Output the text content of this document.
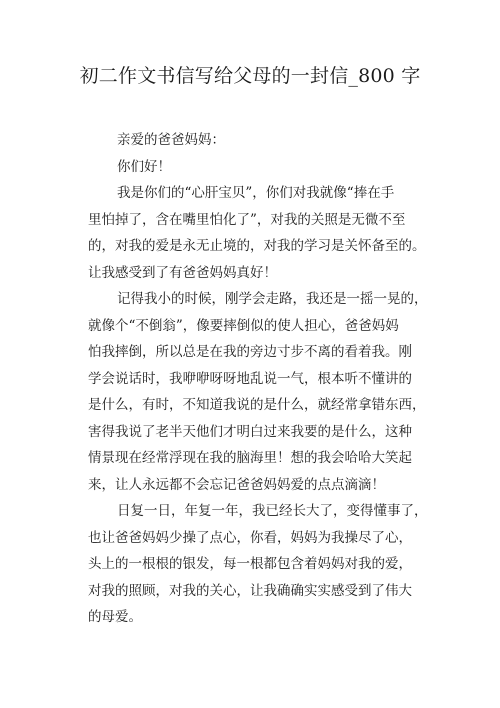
初二作文书信写给父母的一封信_800 字
亲爱的爸爸妈妈：
你们好！
我是你们的“心肝宝贝”，你们对我就像“捧在手
里怕掉了，含在嘴里怕化了”，对我的关照是无微不至
的，对我的爱是永无止境的，对我的学习是关怀备至的。
让我感受到了有爸爸妈妈真好！
记得我小的时候，刚学会走路，我还是一摇一晃的，
就像个“不倒翁”，像要摔倒似的使人担心，爸爸妈妈
怕我摔倒，所以总是在我的旁边寸步不离的看着我。刚
学会说话时，我咿咿呀呀地乱说一气，根本听不懂讲的
是什么，有时，不知道我说的是什么，就经常拿错东西，
害得我说了老半天他们才明白过来我要的是什么，这种
情景现在经常浮现在我的脑海里！想的我会哈哈大笑起
来，让人永远都不会忘记爸爸妈妈爱的点点滴滴！
日复一日，年复一年，我已经长大了，变得懂事了，
也让爸爸妈妈少操了点心，你看，妈妈为我操尽了心，
头上的一根根的银发，每一根都包含着妈妈对我的爱，
对我的照顾，对我的关心，让我确确实实感受到了伟大
的母爱。
